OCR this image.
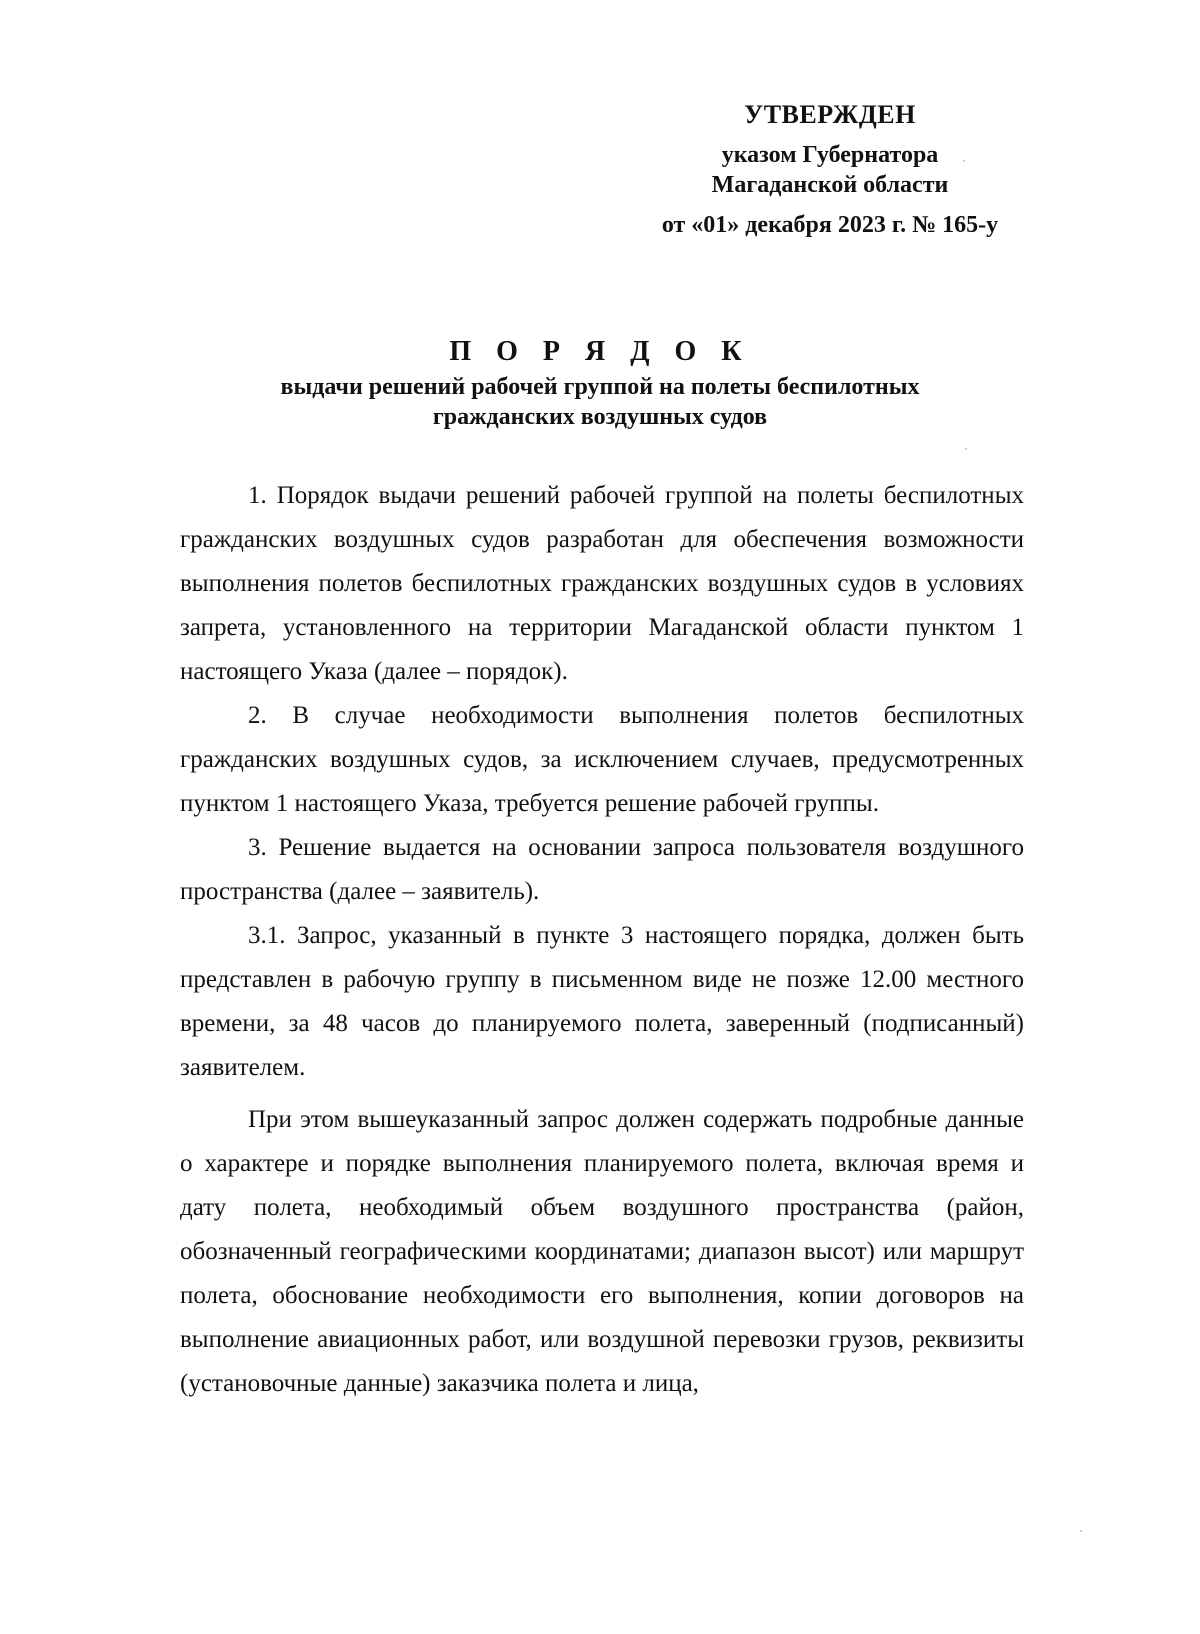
УТВЕРЖДЕН
указом Губернатора
Магаданской области
от «01» декабря 2023 г. № 165-у
П О Р Я Д О К
выдачи решений рабочей группой на полеты беспилотных
гражданских воздушных судов

1. Порядок выдачи решений рабочей группой на полеты беспилотных гражданских воздушных судов разработан для обеспечения возможности выполнения полетов беспилотных гражданских воздушных судов в условиях запрета, установленного на территории Магаданской области пунктом 1 настоящего Указа (далее – порядок).

2. В случае необходимости выполнения полетов беспилотных гражданских воздушных судов, за исключением случаев, предусмотренных пунктом 1 настоящего Указа, требуется решение рабочей группы.

3. Решение выдается на основании запроса пользователя воздушного пространства (далее – заявитель).

3.1. Запрос, указанный в пункте 3 настоящего порядка, должен быть представлен в рабочую группу в письменном виде не позже 12.00 местного времени, за 48 часов до планируемого полета, заверенный (подписанный) заявителем.

При этом вышеуказанный запрос должен содержать подробные данные о характере и порядке выполнения планируемого полета, включая время и дату полета, необходимый объем воздушного пространства (район, обозначенный географическими координатами; диапазон высот) или маршрут полета, обоснование необходимости его выполнения, копии договоров на выполнение авиационных работ, или воздушной перевозки грузов, реквизиты (установочные данные) заказчика полета и лица,
